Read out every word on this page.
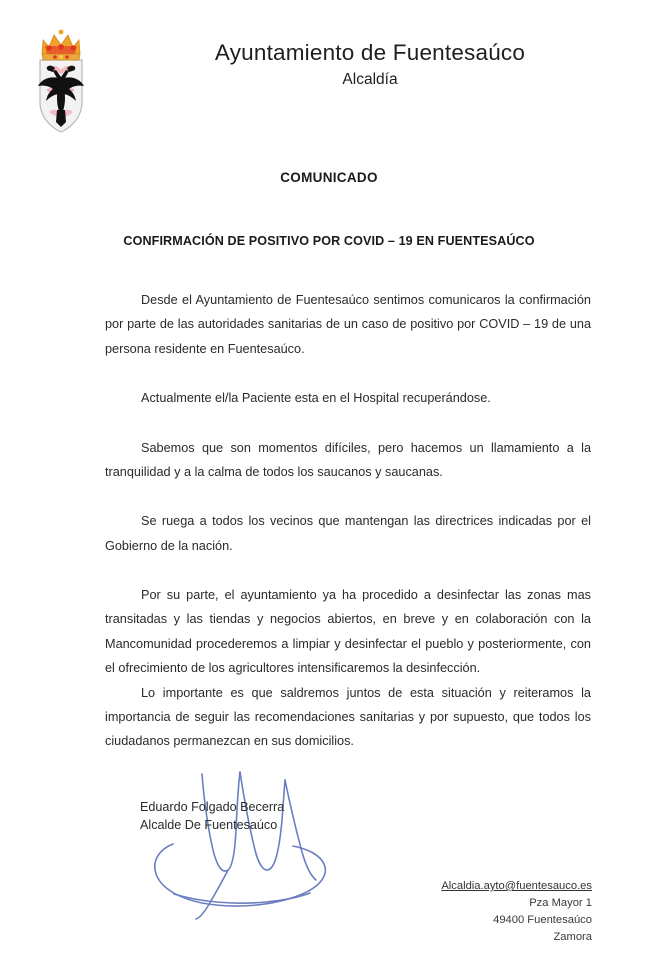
Ayuntamiento de Fuentesaúco
Alcaldía
COMUNICADO
CONFIRMACIÓN DE POSITIVO POR COVID – 19 EN FUENTESAÚCO

Desde el Ayuntamiento de Fuentesaúco sentimos comunicaros la confirmación por parte de las autoridades sanitarias de un caso de positivo por COVID – 19 de una persona residente en Fuentesaúco.

Actualmente el/la Paciente esta en el Hospital recuperándose.

Sabemos que son momentos difíciles, pero hacemos un llamamiento a la tranquilidad y a la calma de todos los saucanos y saucanas.

Se ruega a todos los vecinos que mantengan las directrices indicadas por el Gobierno de la nación.

Por su parte, el ayuntamiento ya ha procedido a desinfectar las zonas mas transitadas y las tiendas y negocios abiertos, en breve y en colaboración con la Mancomunidad procederemos a limpiar y desinfectar el pueblo y posteriormente, con el ofrecimiento de los agricultores intensificaremos la desinfección.

Lo importante es que saldremos juntos de esta situación y reiteramos la importancia de seguir las recomendaciones sanitarias y por supuesto, que todos los ciudadanos permanezcan en sus domicilios.

Eduardo Folgado Becerra
Alcalde De Fuentesaúco
Alcaldia.ayto@fuentesauco.es
Pza Mayor 1
49400 Fuentesaúco
Zamora
